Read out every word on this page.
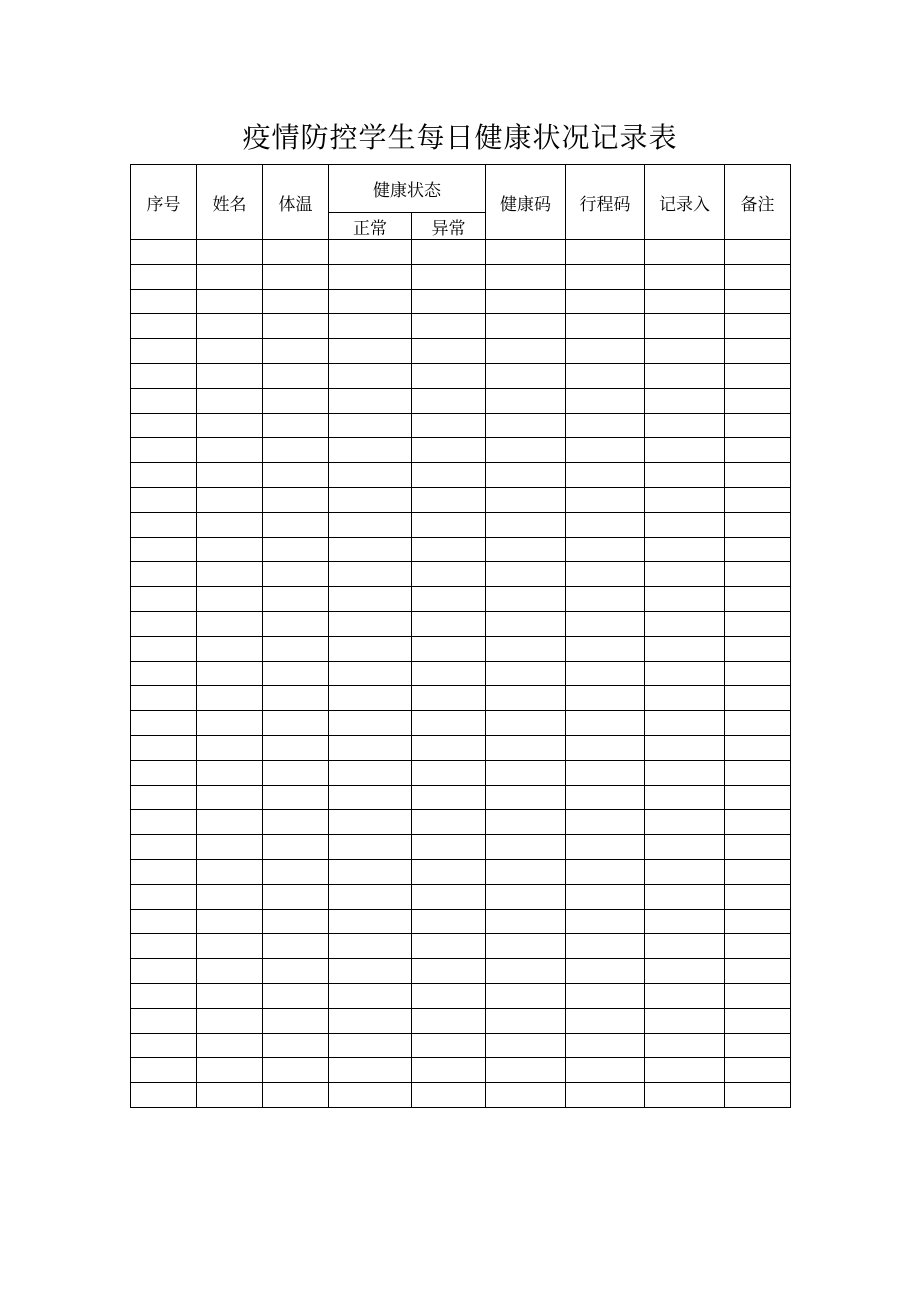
疫情防控学生每日健康状况记录表
序号	姓名	体温	健康状态		健康码	行程码	记录入	备注
			正常	异常				
